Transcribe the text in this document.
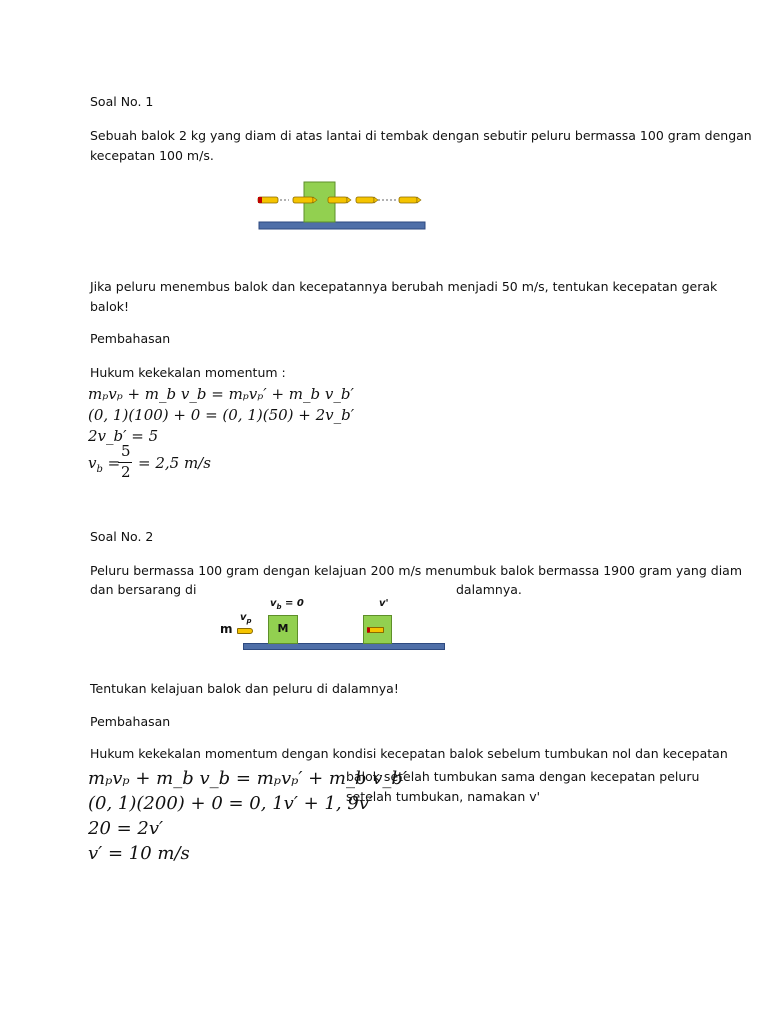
Soal No. 1
Sebuah balok 2 kg yang diam di atas lantai di tembak dengan sebutir peluru bermassa 100 gram dengan
kecepatan 100 m/s.
Jika peluru menembus balok dan kecepatannya berubah menjadi 50 m/s, tentukan kecepatan gerak
balok!
Pembahasan
Hukum kekekalan momentum :
mₚvₚ + m_b v_b = mₚvₚ′ + m_b v_b′
(0, 1)(100) + 0 = (0, 1)(50) + 2v_b′
2v_b′ = 5
$v_b$ =
5
2 = 2,5 m/s
Soal No. 2
Peluru bermassa 100 gram dengan kelajuan 200 m/s menumbuk balok bermassa 1900 gram yang diam
dan bersarang di	dalamnya.
M
m
$v_p$
$v_b = 0$	v'
Tentukan kelajuan balok dan peluru di dalamnya!
Pembahasan
Hukum kekekalan momentum dengan kondisi kecepatan balok sebelum tumbukan nol dan kecepatan
balok setelah tumbukan sama dengan kecepatan peluru
setelah tumbukan, namakan v'
mₚvₚ + m_b v_b = mₚvₚ′ + m_b v_b′
(0, 1)(200) + 0 = 0, 1v′ + 1, 9v′
20 = 2v′
v′ = 10 m/s
